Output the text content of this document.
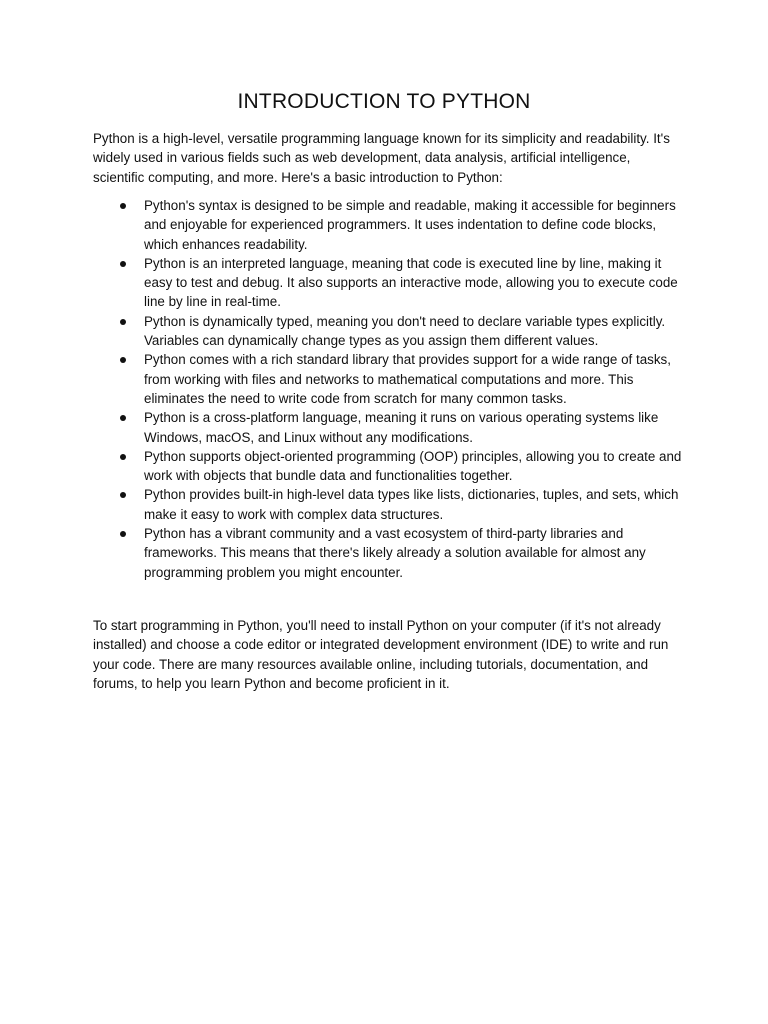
INTRODUCTION TO PYTHON

Python is a high-level, versatile programming language known for its simplicity and readability. It's widely used in various fields such as web development, data analysis, artificial intelligence, scientific computing, and more. Here's a basic introduction to Python:

Python's syntax is designed to be simple and readable, making it accessible for beginners and enjoyable for experienced programmers. It uses indentation to define code blocks, which enhances readability.
Python is an interpreted language, meaning that code is executed line by line, making it easy to test and debug. It also supports an interactive mode, allowing you to execute code line by line in real-time.
Python is dynamically typed, meaning you don't need to declare variable types explicitly. Variables can dynamically change types as you assign them different values.
Python comes with a rich standard library that provides support for a wide range of tasks, from working with files and networks to mathematical computations and more. This eliminates the need to write code from scratch for many common tasks.
Python is a cross-platform language, meaning it runs on various operating systems like Windows, macOS, and Linux without any modifications.
Python supports object-oriented programming (OOP) principles, allowing you to create and work with objects that bundle data and functionalities together.
Python provides built-in high-level data types like lists, dictionaries, tuples, and sets, which make it easy to work with complex data structures.
Python has a vibrant community and a vast ecosystem of third-party libraries and frameworks. This means that there's likely already a solution available for almost any programming problem you might encounter.

To start programming in Python, you'll need to install Python on your computer (if it's not already installed) and choose a code editor or integrated development environment (IDE) to write and run your code. There are many resources available online, including tutorials, documentation, and forums, to help you learn Python and become proficient in it.
